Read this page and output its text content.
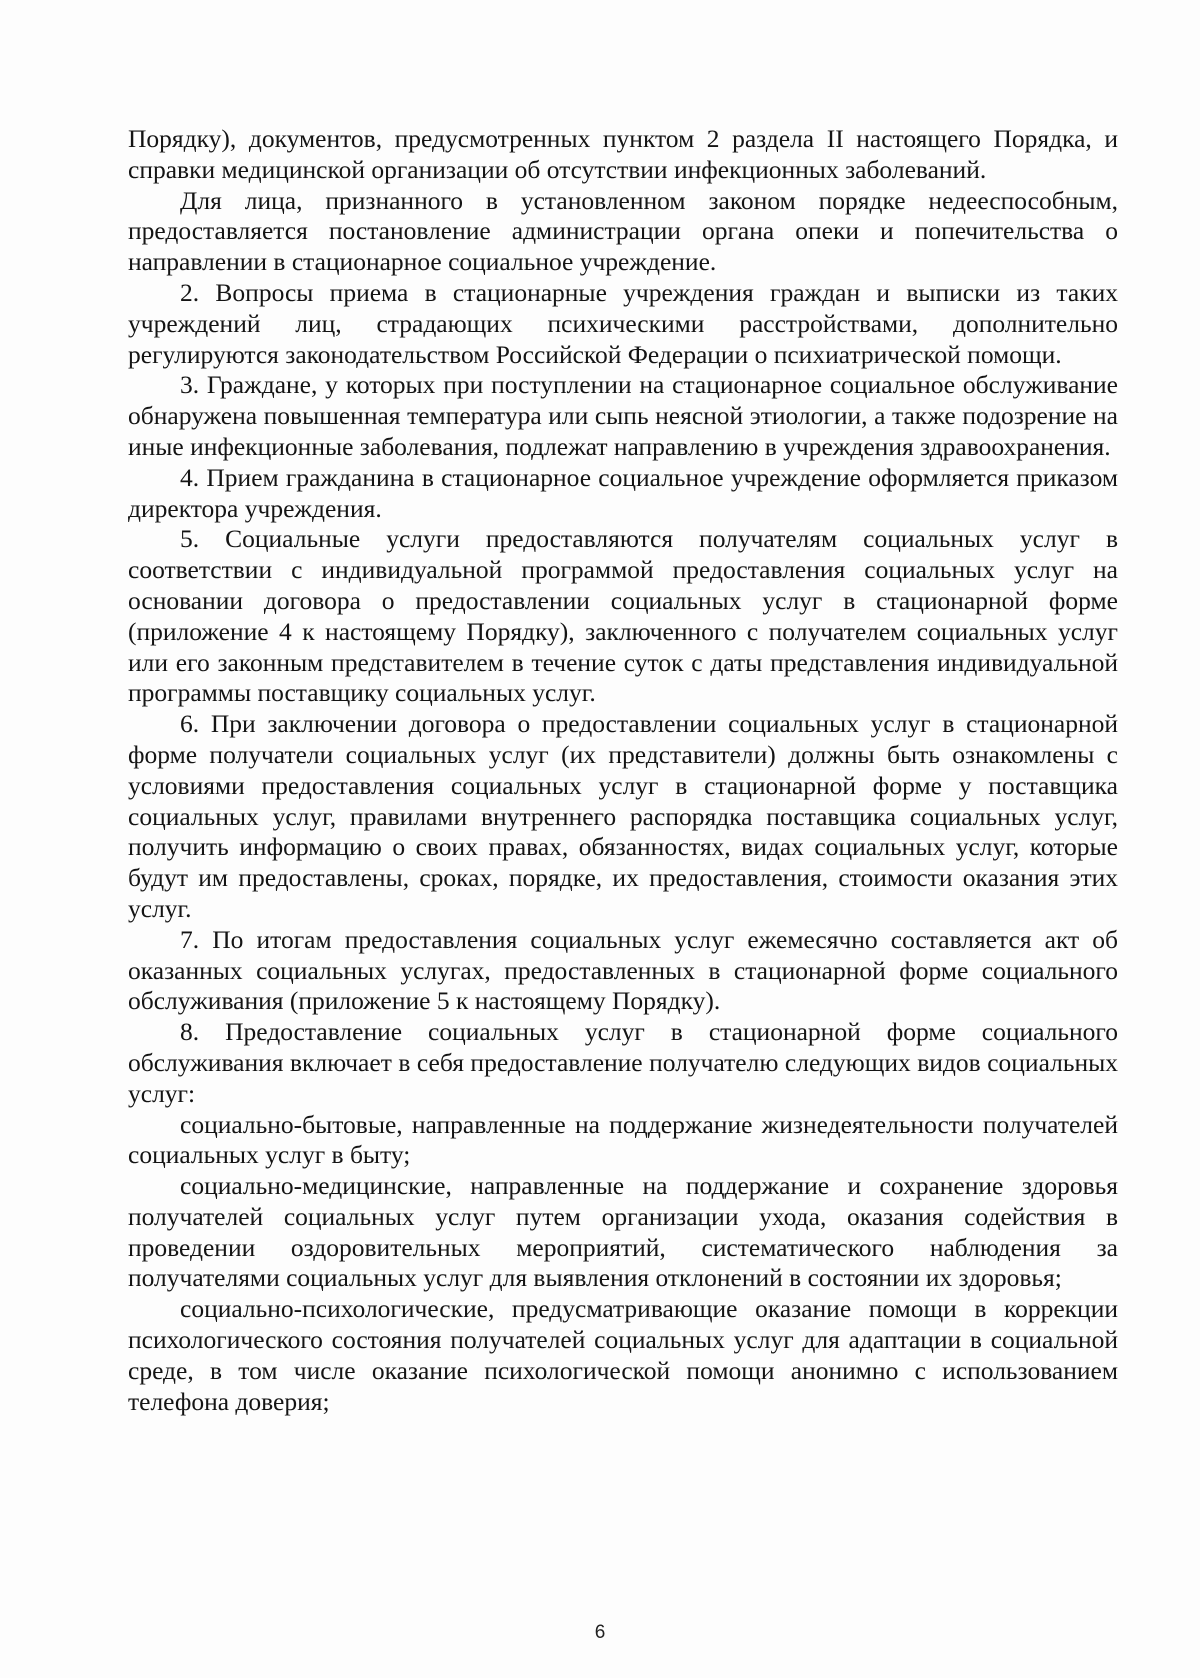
Порядку), документов, предусмотренных пунктом 2 раздела II настоящего Порядка, и справки медицинской организации об отсутствии инфекционных заболеваний.

Для лица, признанного в установленном законом порядке недееспособным, предоставляется постановление администрации органа опеки и попечительства о направлении в стационарное социальное учреждение.

2. Вопросы приема в стационарные учреждения граждан и выписки из таких учреждений лиц, страдающих психическими расстройствами, дополнительно регулируются законодательством Российской Федерации о психиатрической помощи.

3. Граждане, у которых при поступлении на стационарное социальное обслуживание обнаружена повышенная температура или сыпь неясной этиологии, а также подозрение на иные инфекционные заболевания, подлежат направлению в учреждения здравоохранения.

4. Прием гражданина в стационарное социальное учреждение оформляется приказом директора учреждения.

5. Социальные услуги предоставляются получателям социальных услуг в соответствии с индивидуальной программой предоставления социальных услуг на основании договора о предоставлении социальных услуг в стационарной форме (приложение 4 к настоящему Порядку), заключенного с получателем социальных услуг или его законным представителем в течение суток с даты представления индивидуальной программы поставщику социальных услуг.

6. При заключении договора о предоставлении социальных услуг в стационарной форме получатели социальных услуг (их представители) должны быть ознакомлены с условиями предоставления социальных услуг в стационарной форме у поставщика социальных услуг, правилами внутреннего распорядка поставщика социальных услуг, получить информацию о своих правах, обязанностях, видах социальных услуг, которые будут им предоставлены, сроках, порядке, их предоставления, стоимости оказания этих услуг.

7. По итогам предоставления социальных услуг ежемесячно составляется акт об оказанных социальных услугах, предоставленных в стационарной форме социального обслуживания (приложение 5 к настоящему Порядку).

8. Предоставление социальных услуг в стационарной форме социального обслуживания включает в себя предоставление получателю следующих видов социальных услуг:

социально-бытовые, направленные на поддержание жизнедеятельности получателей социальных услуг в быту;

социально-медицинские, направленные на поддержание и сохранение здоровья получателей социальных услуг путем организации ухода, оказания содействия в проведении оздоровительных мероприятий, систематического наблюдения за получателями социальных услуг для выявления отклонений в состоянии их здоровья;

социально-психологические, предусматривающие оказание помощи в коррекции психологического состояния получателей социальных услуг для адаптации в социальной среде, в том числе оказание психологической помощи анонимно с использованием телефона доверия;

6
